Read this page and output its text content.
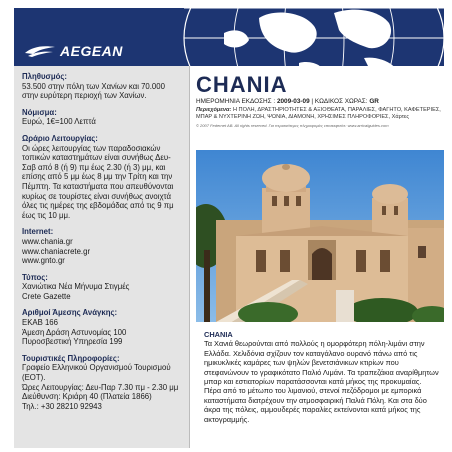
AEGEAN
Πληθυσμός:
53.500 στην πόλη των Χανίων και 70.000 στην ευρύτερη περιοχή των Χανίων.
Νόμισμα:
Ευρώ, 1€=100 Λεπτά
Ωράριο Λειτουργίας:
Οι ώρες λειτουργίας των παραδοσιακών τοπικών καταστημάτων είναι συνήθως Δευ-Σαβ από 8 (ή 9) πμ έως 2.30 (ή 3) μμ, και επίσης από 5 μμ έως 8 μμ την Τρίτη και την Πέμπτη. Τα καταστήματα που απευθύνονται κυρίως σε τουρίστες είναι συνήθως ανοιχτά όλες τις ημέρες της εβδομάδας από τις 9 πμ έως τις 10 μμ.
Internet:
www.chania.gr
www.chaniacrete.gr
www.gnto.gr
Τύπος:
Χανιώτικα Νέα Μήνυμα Στιγμές
Crete Gazette
Αριθμοί Άμεσης Ανάγκης:
ΕΚΑΒ 166
Άμεση Δράση Αστυνομίας 100
Πυροσβεστική Υπηρεσία 199
Τουριστικές Πληροφορίες:
Γραφείο Ελληνικού Οργανισμού Τουρισμού (ΕΟΤ).
Ώρες Λειτουργίας: Δευ-Παρ 7.30 πμ - 2.30 μμ Διεύθυνση: Κριάρη 40 (Πλατεία 1866)
Τηλ.: +30 28210 92943
CHANIA
ΗΜΕΡΟΜΗΝΙΑ ΕΚΔΟΣΗΣ : 2009-03-09 | ΚΩΔΙΚΟΣ ΧΩΡΑΣ: GR
Περιεχόμενα: Η ΠΟΛΗ, ΔΡΑΣΤΗΡΙΟΤΗΤΕΣ & ΑΞΙΟΘΕΑΤΑ, ΠΑΡΑΛΙΕΣ, ΦΑΓΗΤΟ, ΚΑΦΕΤΕΡΙΕΣ, ΜΠΑΡ & ΝΥΧΤΕΡΙΝΗ ΖΩΗ, ΨΩΝΙΑ, ΔΙΑΜΟΝΗ, ΧΡΗΣΙΜΕΣ ΠΛΗΡΟΦΟΡΙΕΣ, Χάρτες
© 2007 Federnet AB. All rights reserved. Για περισσότερες πληροφορίες επισκεφτείτε: www.arrivalguides.com
CHANIA
Τα Χανιά θεωρούνται από πολλούς η ομορφότερη πόλη-λιμάνι στην Ελλάδα. Χελιδόνια σχίζουν τον καταγάλανο ουρανό πάνω από τις ημικυκλικές καμάρες των ψηλών βενετσιάνικων κτιρίων που στεφανώνουν το γραφικότατο Παλιό Λιμάνι. Τα τραπεζάκια αναρίθμητων μπαρ και εστιατορίων παρατάσσονται κατά μήκος της προκυμαίας. Πέρα από το μέτωπο του λιμανιού, στενοί πεζόδρομοι με εμπορικά καταστήματα διατρέχουν την ατμοσφαιρική Παλιά Πόλη. Και στα δύο άκρα της πόλεις, αμμουδερές παραλίες εκτείνονται κατά μήκος της ακτογραμμής.
